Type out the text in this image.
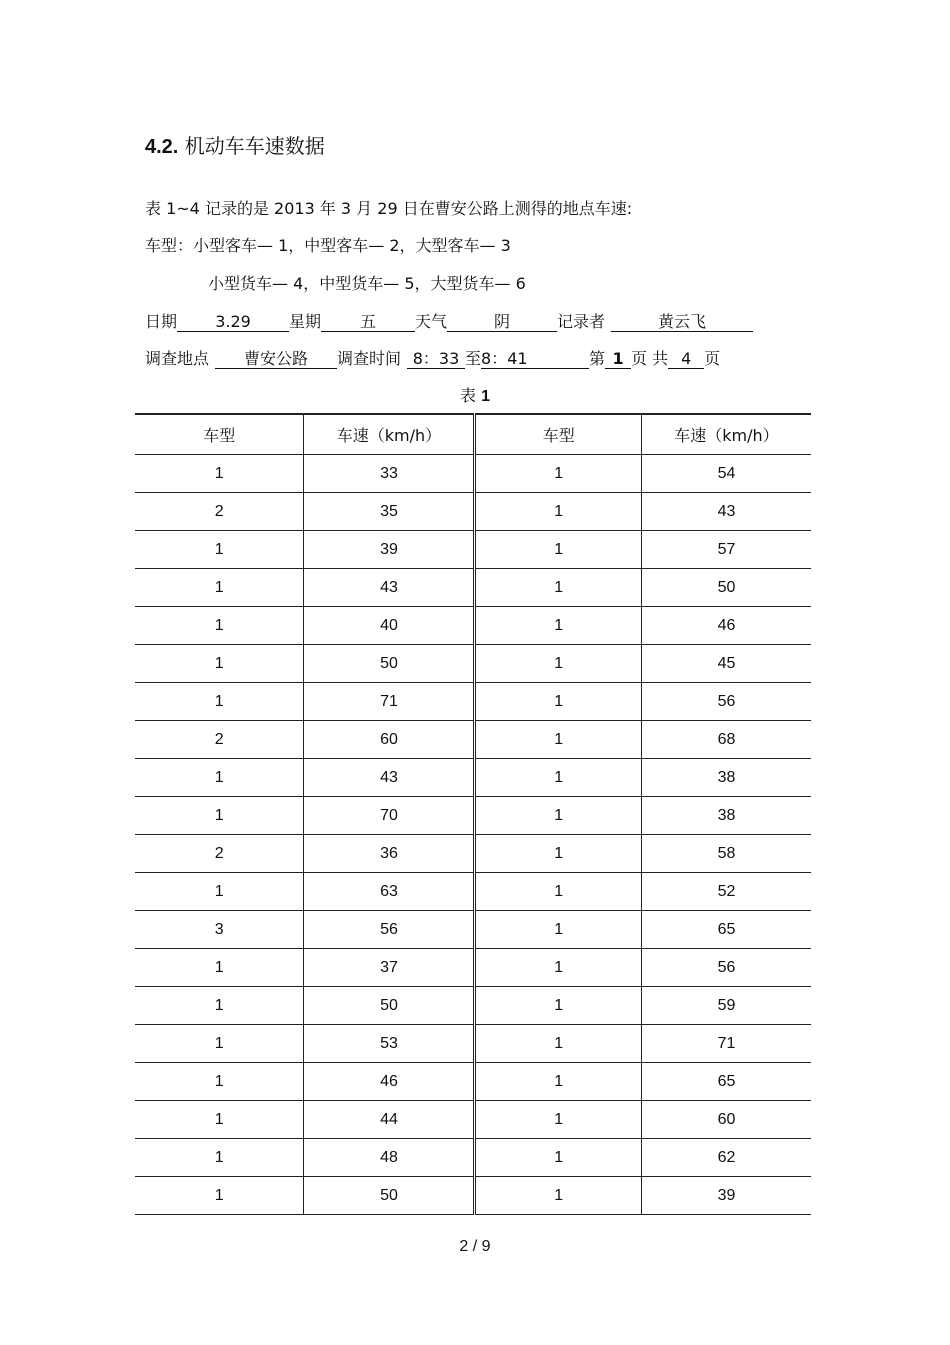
4.2. 机动车车速数据
表 1~4 记录的是 2013 年 3 月 29 日在曹安公路上测得的地点车速:
车型：小型客车— 1，中型客车— 2，大型客车— 3
小型货车— 4，中型货车— 5，大型货车— 6
日期 3.29 星期 五 天气	阴	记录者	黄云飞
调查地点 曹安公路 调查时间 8：33 至8：41	第 1 页 共 4 页
表 1
车型	车速（km/h）	车型	车速（km/h）
1	33	1	54
2	35	1	43
1	39	1	57
1	43	1	50
1	40	1	46
1	50	1	45
1	71	1	56
2	60	1	68
1	43	1	38
1	70	1	38
2	36	1	58
1	63	1	52
3	56	1	65
1	37	1	56
1	50	1	59
1	53	1	71
1	46	1	65
1	44	1	60
1	48	1	62
1	50	1	39
2 / 9
